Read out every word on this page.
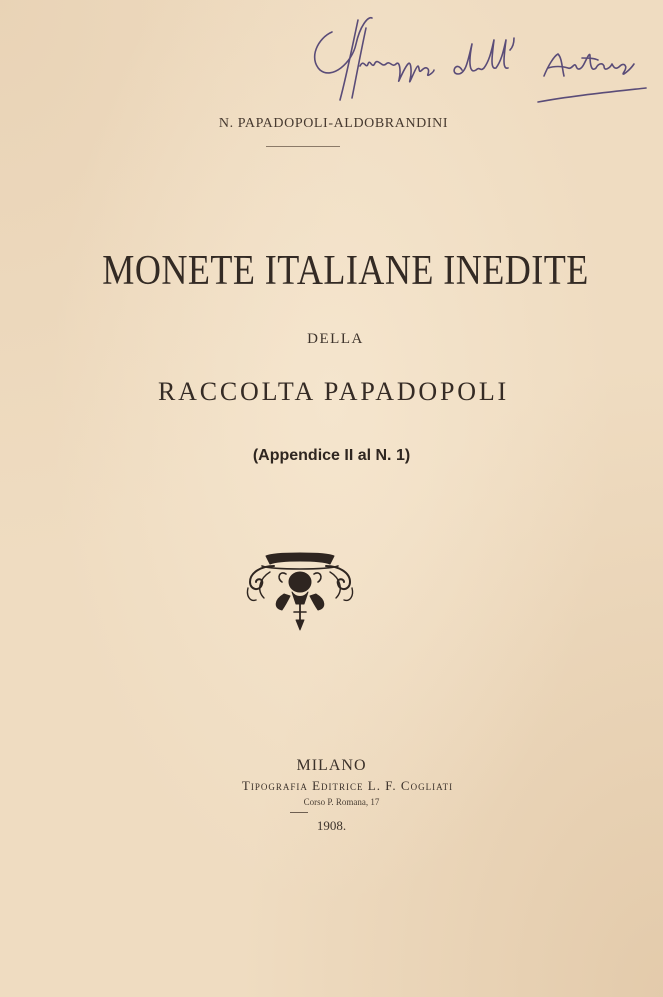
N. PAPADOPOLI-ALDOBRANDINI
MONETE ITALIANE INEDITE
DELLA
RACCOLTA PAPADOPOLI
(Appendice II al N. 1)
MILANO
Tipografia Editrice L. F. Cogliati
Corso P. Romana, 17
1908.
